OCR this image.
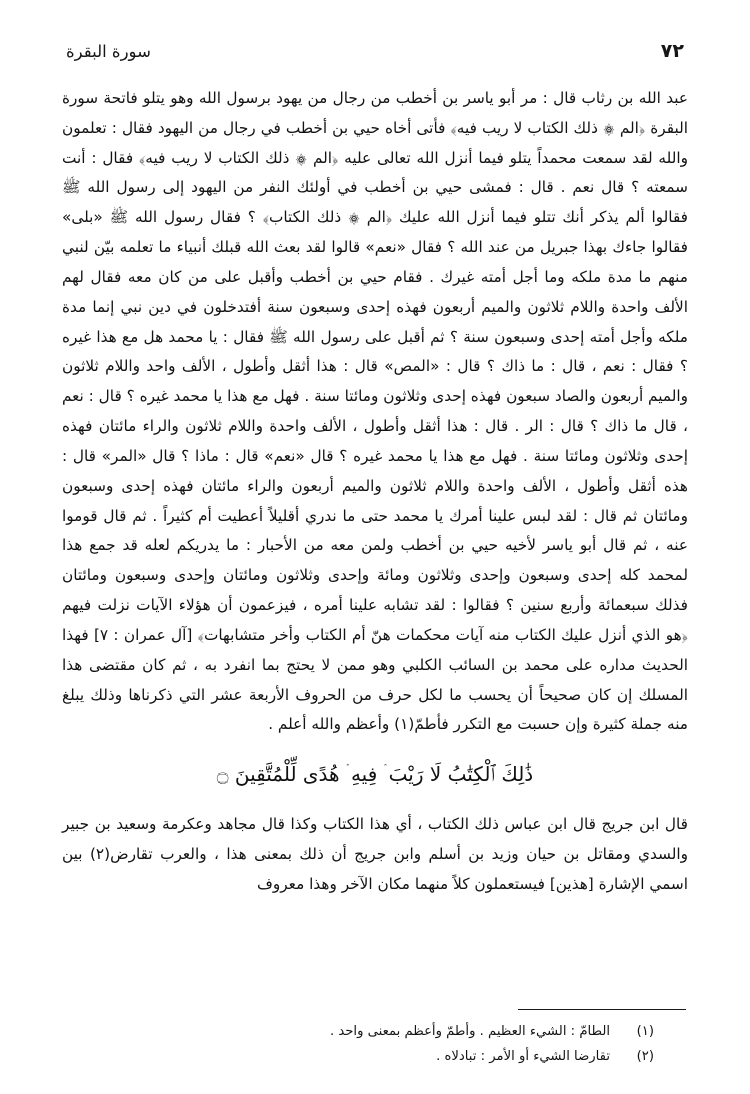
سورة البقرة	٧٢

عبد الله بن رثاب قال : مر أبو ياسر بن أخطب من رجال من يهود برسول الله وهو يتلو فاتحة سورة البقرة ﴿الم ۞ ذلك الكتاب لا ريب فيه﴾ فأتى أخاه حيي بن أخطب في رجال من اليهود فقال : تعلمون والله لقد سمعت محمداً يتلو فيما أنزل الله تعالى عليه ﴿الم ۞ ذلك الكتاب لا ريب فيه﴾ فقال : أنت سمعته ؟ قال نعم . قال : فمشى حيي بن أخطب في أولئك النفر من اليهود إلى رسول الله ﷺ فقالوا ألم يذكر أنك تتلو فيما أنزل الله عليك ﴿الم ۞ ذلك الكتاب﴾ ؟ فقال رسول الله ﷺ «بلى» فقالوا جاءك بهذا جبريل من عند الله ؟ فقال «نعم» قالوا لقد بعث الله قبلك أنبياء ما تعلمه بيّن لنبي منهم ما مدة ملكه وما أجل أمته غيرك . فقام حيي بن أخطب وأقبل على من كان معه فقال لهم الألف واحدة واللام ثلاثون والميم أربعون فهذه إحدى وسبعون سنة أفتدخلون في دين نبي إنما مدة ملكه وأجل أمته إحدى وسبعون سنة ؟ ثم أقبل على رسول الله ﷺ فقال : يا محمد هل مع هذا غيره ؟ فقال : نعم ، قال : ما ذاك ؟ قال : «المص» قال : هذا أثقل وأطول ، الألف واحد واللام ثلاثون والميم أربعون والصاد سبعون فهذه إحدى وثلاثون ومائتا سنة . فهل مع هذا يا محمد غيره ؟ قال : نعم ، قال ما ذاك ؟ قال : الر . قال : هذا أثقل وأطول ، الألف واحدة واللام ثلاثون والراء مائتان فهذه إحدى وثلاثون ومائتا سنة . فهل مع هذا يا محمد غيره ؟ قال «نعم» قال : ماذا ؟ قال «المر» قال : هذه أثقل وأطول ، الألف واحدة واللام ثلاثون والميم أربعون والراء مائتان فهذه إحدى وسبعون ومائتان ثم قال : لقد لبس علينا أمرك يا محمد حتى ما ندري أقليلاً أعطيت أم كثيراً . ثم قال قوموا عنه ، ثم قال أبو ياسر لأخيه حيي بن أخطب ولمن معه من الأحبار : ما يدريكم لعله قد جمع هذا لمحمد كله إحدى وسبعون وإحدى وثلاثون ومائة وإحدى وثلاثون ومائتان وإحدى وسبعون ومائتان فذلك سبعمائة وأربع سنين ؟ فقالوا : لقد تشابه علينا أمره ، فيزعمون أن هؤلاء الآيات نزلت فيهم ﴿هو الذي أنزل عليك الكتاب منه آيات محكمات هنّ أم الكتاب وأخر متشابهات﴾ [آل عمران : ٧] فهذا الحديث مداره على محمد بن السائب الكلبي وهو ممن لا يحتج بما انفرد به ، ثم كان مقتضى هذا المسلك إن كان صحيحاً أن يحسب ما لكل حرف من الحروف الأربعة عشر التي ذكرناها وذلك يبلغ منه جملة كثيرة وإن حسبت مع التكرر فأطمّ(١) وأعظم والله أعلم .

ذَٰلِكَ ٱلْكِتَٰبُ لَا رَيْبَ ۛ فِيهِ ۛ هُدًى لِّلْمُتَّقِينَ ۝

قال ابن جريج قال ابن عباس ذلك الكتاب ، أي هذا الكتاب وكذا قال مجاهد وعكرمة وسعيد بن جبير والسدي ومقاتل بن حيان وزيد بن أسلم وابن جريج أن ذلك بمعنى هذا ، والعرب تقارض(٢) بين اسمي الإشارة [هذين] فيستعملون كلاً منهما مكان الآخر وهذا معروف

(١)
الطامّ : الشيء العظيم . وأطمّ وأعظم بمعنى واحد .
(٢)
تقارضا الشيء أو الأمر : تبادلاه .
